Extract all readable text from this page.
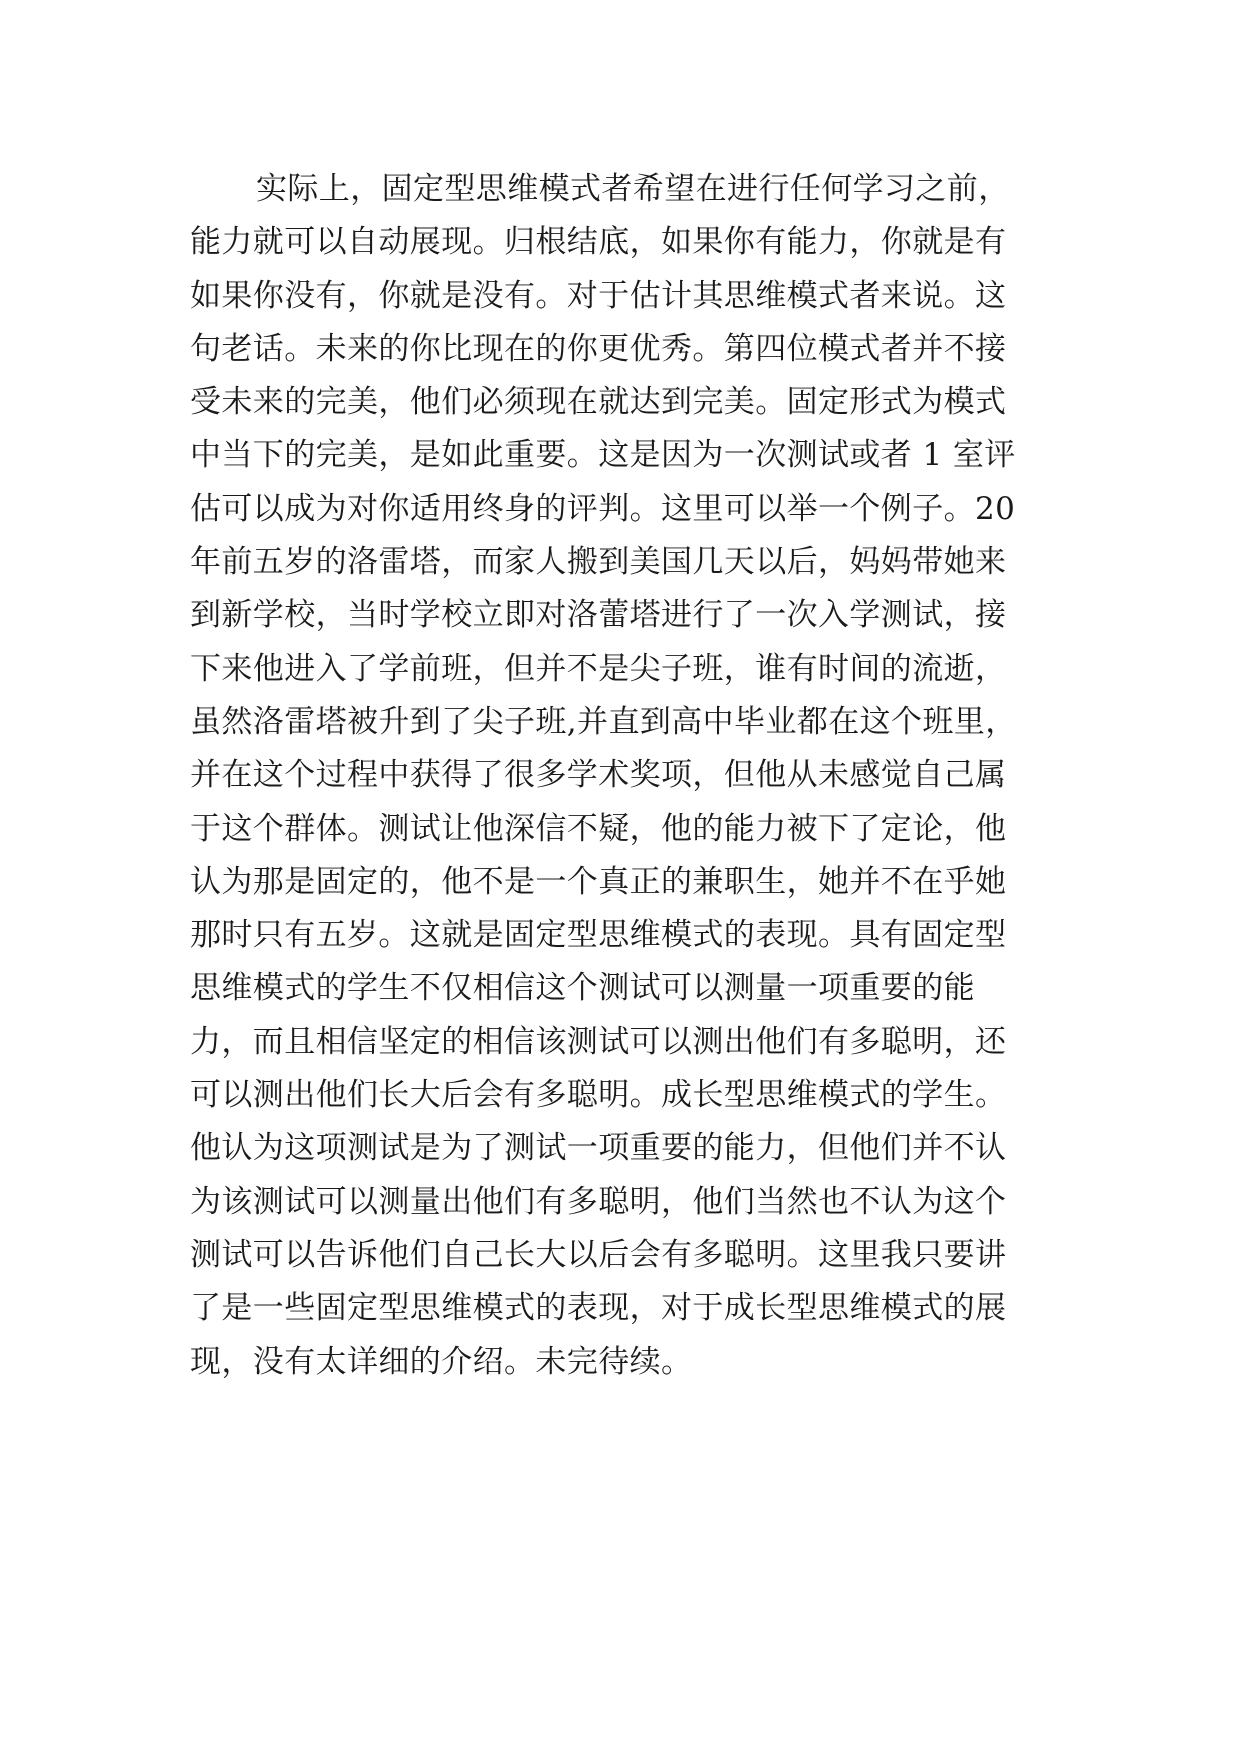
实际上，固定型思维模式者希望在进行任何学习之前，
能力就可以自动展现。归根结底，如果你有能力，你就是有
如果你没有，你就是没有。对于估计其思维模式者来说。这
句老话。未来的你比现在的你更优秀。第四位模式者并不接
受未来的完美，他们必须现在就达到完美。固定形式为模式
中当下的完美，是如此重要。这是因为一次测试或者 1 室评
估可以成为对你适用终身的评判。这里可以举一个例子。20
年前五岁的洛雷塔，而家人搬到美国几天以后，妈妈带她来
到新学校，当时学校立即对洛蕾塔进行了一次入学测试，接
下来他进入了学前班，但并不是尖子班，谁有时间的流逝，
虽然洛雷塔被升到了尖子班,并直到高中毕业都在这个班里，
并在这个过程中获得了很多学术奖项，但他从未感觉自己属
于这个群体。测试让他深信不疑，他的能力被下了定论，他
认为那是固定的，他不是一个真正的兼职生，她并不在乎她
那时只有五岁。这就是固定型思维模式的表现。具有固定型
思维模式的学生不仅相信这个测试可以测量一项重要的能
力，而且相信坚定的相信该测试可以测出他们有多聪明，还
可以测出他们长大后会有多聪明。成长型思维模式的学生。
他认为这项测试是为了测试一项重要的能力，但他们并不认
为该测试可以测量出他们有多聪明，他们当然也不认为这个
测试可以告诉他们自己长大以后会有多聪明。这里我只要讲
了是一些固定型思维模式的表现，对于成长型思维模式的展
现，没有太详细的介绍。未完待续。
